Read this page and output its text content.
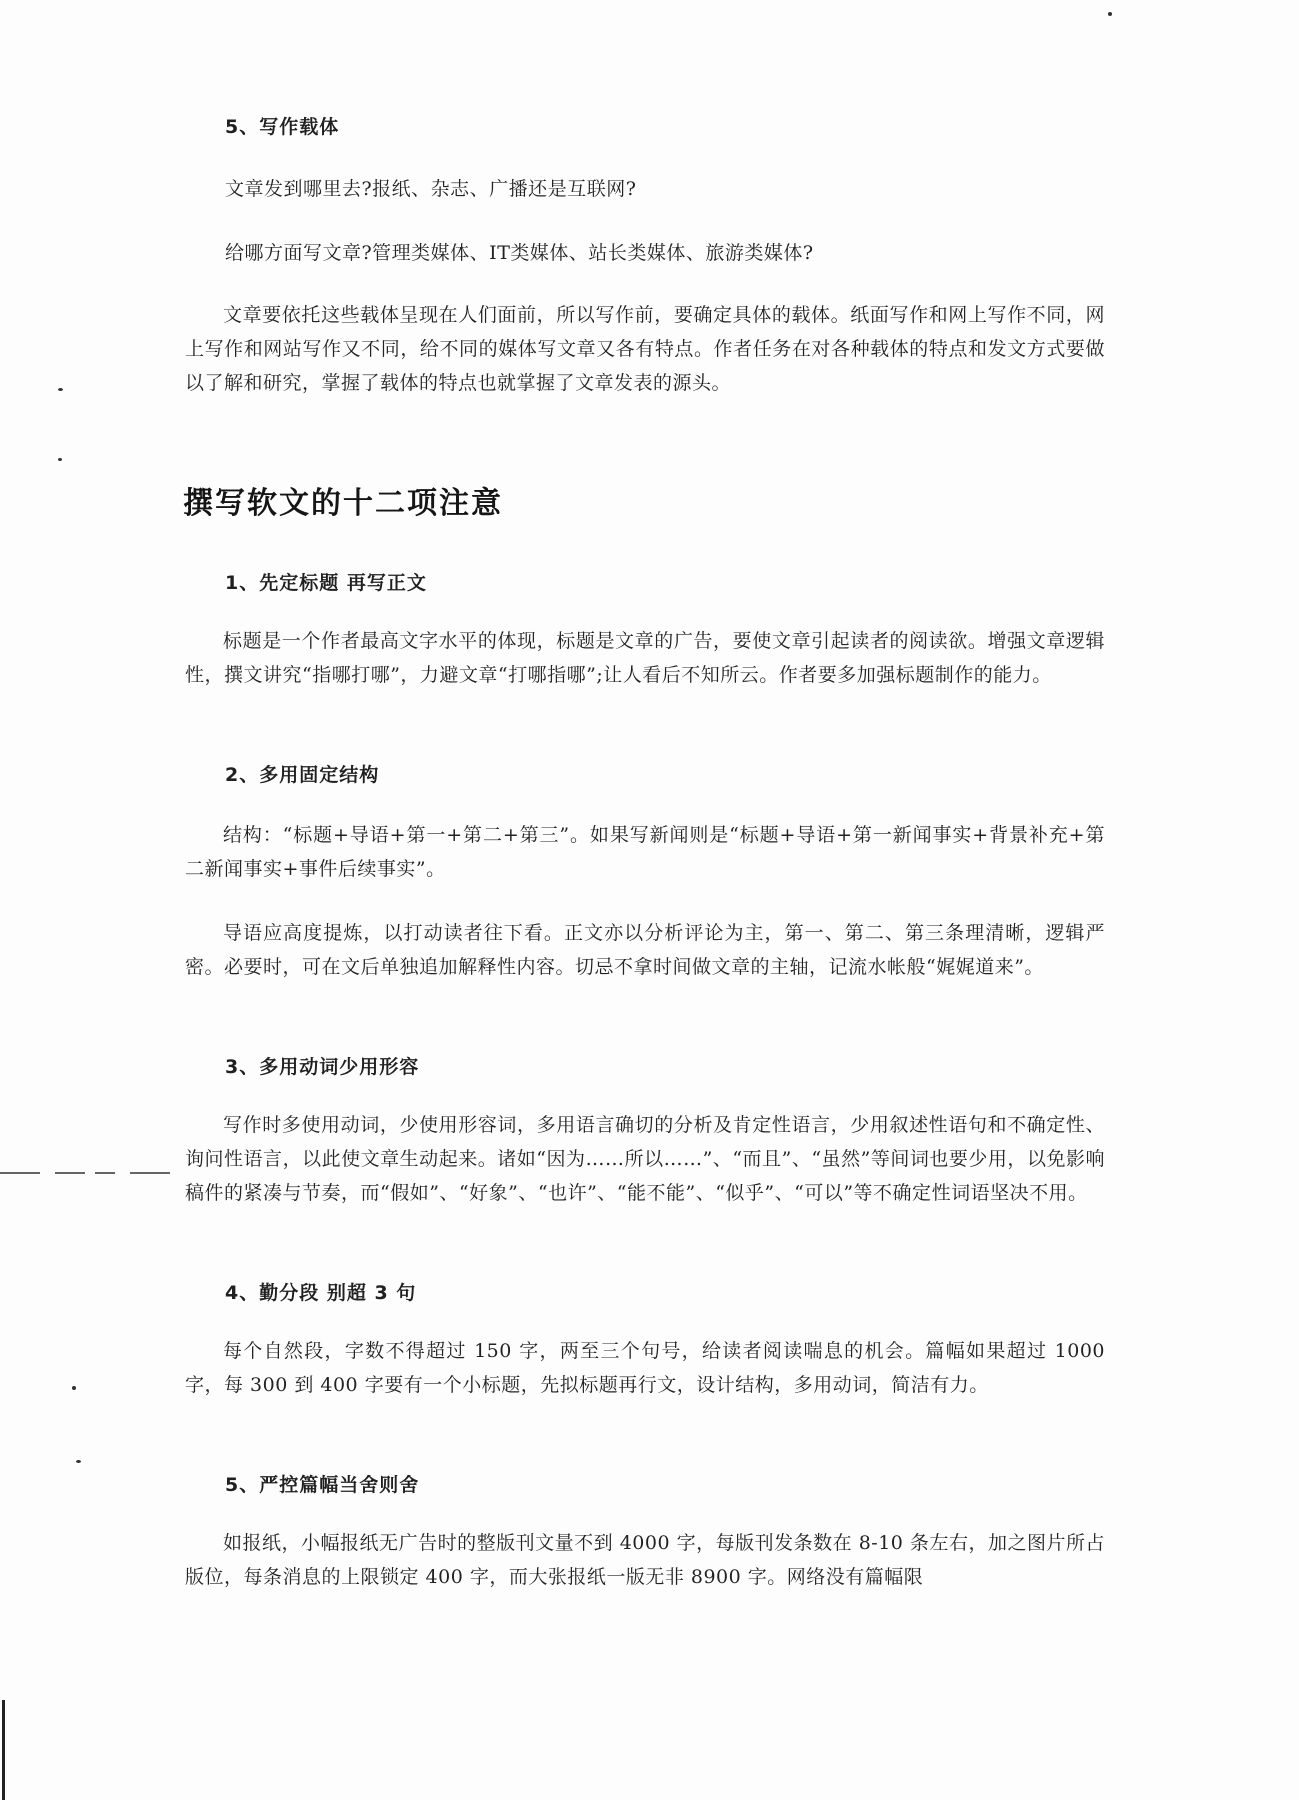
5、写作载体
文章发到哪里去?报纸、杂志、广播还是互联网?
给哪方面写文章?管理类媒体、IT类媒体、站长类媒体、旅游类媒体?
文章要依托这些载体呈现在人们面前，所以写作前，要确定具体的载体。纸面写作和网上写作不同，网上写作和网站写作又不同，给不同的媒体写文章又各有特点。作者任务在对各种载体的特点和发文方式要做以了解和研究，掌握了载体的特点也就掌握了文章发表的源头。
撰写软文的十二项注意
1、先定标题 再写正文
标题是一个作者最高文字水平的体现，标题是文章的广告，要使文章引起读者的阅读欲。增强文章逻辑性，撰文讲究“指哪打哪”，力避文章“打哪指哪”;让人看后不知所云。作者要多加强标题制作的能力。
2、多用固定结构
结构：“标题+导语+第一+第二+第三”。如果写新闻则是“标题+导语+第一新闻事实+背景补充+第二新闻事实+事件后续事实”。
导语应高度提炼，以打动读者往下看。正文亦以分析评论为主，第一、第二、第三条理清晰，逻辑严密。必要时，可在文后单独追加解释性内容。切忌不拿时间做文章的主轴，记流水帐般“娓娓道来”。
3、多用动词少用形容
写作时多使用动词，少使用形容词，多用语言确切的分析及肯定性语言，少用叙述性语句和不确定性、询问性语言，以此使文章生动起来。诸如“因为……所以……”、“而且”、“虽然”等间词也要少用，以免影响稿件的紧凑与节奏，而“假如”、“好象”、“也许”、“能不能”、“似乎”、“可以”等不确定性词语坚决不用。
4、勤分段 别超 3 句
每个自然段，字数不得超过 150 字，两至三个句号，给读者阅读喘息的机会。篇幅如果超过 1000 字，每 300 到 400 字要有一个小标题，先拟标题再行文，设计结构，多用动词，简洁有力。
5、严控篇幅当舍则舍
如报纸，小幅报纸无广告时的整版刊文量不到 4000 字，每版刊发条数在 8-10 条左右，加之图片所占版位，每条消息的上限锁定 400 字，而大张报纸一版无非 8900 字。网络没有篇幅限
